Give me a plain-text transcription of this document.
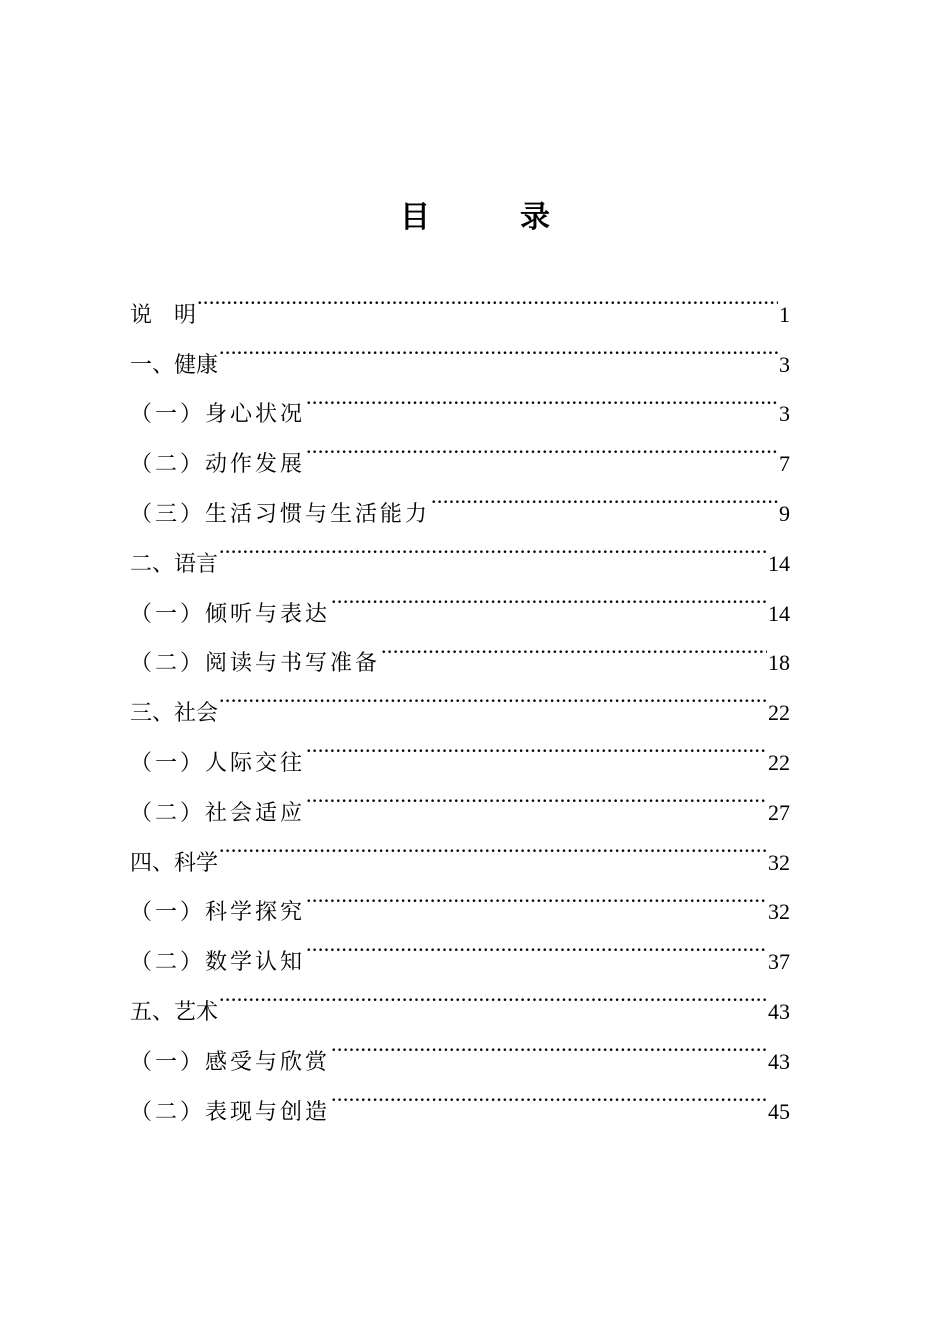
目　录
说　明 .....	1
一、健康 .....	3
（一）身心状况 .....	3
（二）动作发展 .....	7
（三）生活习惯与生活能力 .....	9
二、语言 .....	14
（一）倾听与表达 .....	14
（二）阅读与书写准备 .....	18
三、社会 .....	22
（一）人际交往 .....	22
（二）社会适应 .....	27
四、科学 .....	32
（一）科学探究 .....	32
（二）数学认知 .....	37
五、艺术 .....	43
（一）感受与欣赏 .....	43
（二）表现与创造 .....	45
